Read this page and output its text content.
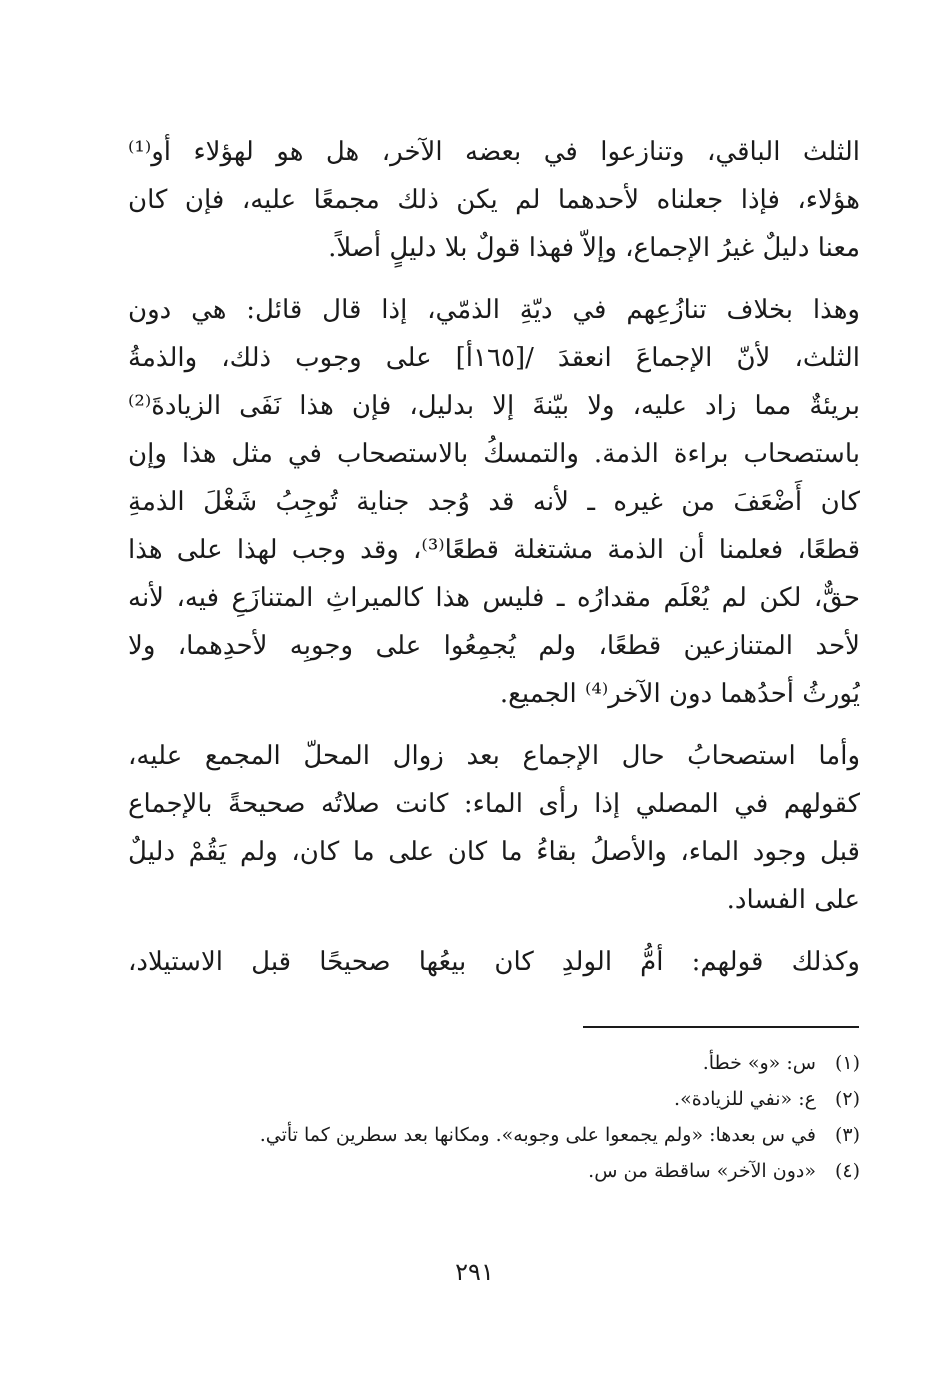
الثلث الباقي، وتنازعوا في بعضه الآخر، هل هو لهؤلاء أو⁽¹⁾
هؤلاء، فإذا جعلناه لأحدهما لم يكن ذلك مجمعًا عليه، فإن كان
معنا دليلٌ غيرُ الإجماع، وإلاّ فهذا قولٌ بلا دليلٍ أصلاً.

وهذا بخلاف تنازُعِهم في ديّةِ الذمّي، إذا قال قائل: هي دون
الثلث، لأنّ الإجماعَ انعقدَ /[١٦٥أ] على وجوب ذلك، والذمةُ
بريئةٌ مما زاد عليه، ولا بيّنةَ إلا بدليل، فإن هذا نَفَى الزيادةَ⁽²⁾
باستصحاب براءة الذمة. والتمسكُ بالاستصحاب في مثل هذا وإن
كان أَضْعَفَ من غيره ـ لأنه قد وُجد جناية تُوجِبُ شَغْلَ الذمةِ
قطعًا، فعلمنا أن الذمة مشتغلة قطعًا⁽³⁾، وقد وجب لهذا على هذا
حقٌّ، لكن لم يُعْلَم مقدارُه ـ فليس هذا كالميراثِ المتنازَعِ فيه، لأنه
لأحد المتنازعين قطعًا، ولم يُجمِعُوا على وجوبِه لأحدِهما، ولا
يُورثُ أحدُهما دون الآخر⁽⁴⁾ الجميع.

وأما استصحابُ حال الإجماع بعد زوال المحلّ المجمع عليه،
كقولهم في المصلي إذا رأى الماء: كانت صلاتُه صحيحةً بالإجماع
قبل وجود الماء، والأصلُ بقاءُ ما كان على ما كان، ولم يَقُمْ دليلٌ
على الفساد.

وكذلك قولهم: أمُّ الولدِ كان بيعُها صحيحًا قبل الاستيلاد،

(١) س: «و» خطأ.
(٢) ع: «نفي للزيادة».
(٣) في س بعدها: «ولم يجمعوا على وجوبه». ومكانها بعد سطرين كما تأتي.
(٤) «دون الآخر» ساقطة من س.
٢٩١
